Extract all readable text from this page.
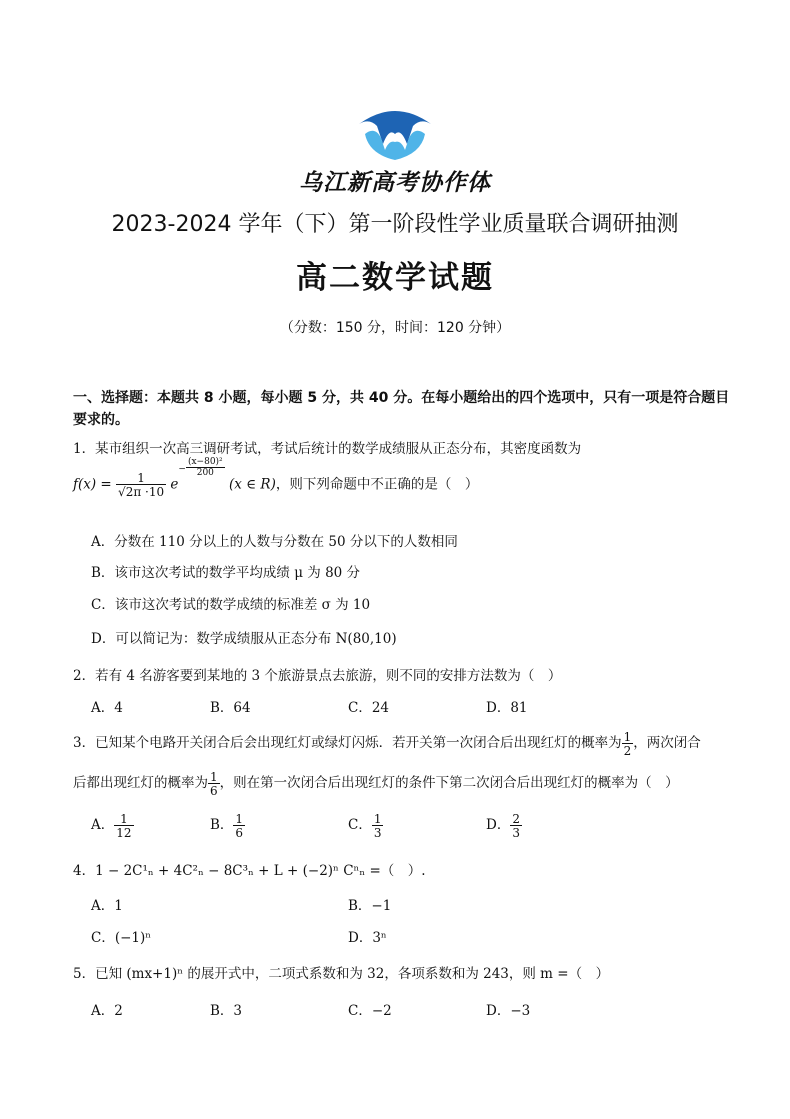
乌江新高考协作体
2023-2024 学年（下）第一阶段性学业质量联合调研抽测
高二数学试题
（分数：150 分，时间：120 分钟）
一、选择题：本题共 8 小题，每小题 5 分，共 40 分。在每小题给出的四个选项中，只有一项是符合题目要求的。
1．某市组织一次高三调研考试，考试后统计的数学成绩服从正态分布，其密度函数为
$f(x) = \frac{1}{√2\pi \cdot 10} e- \frac{\text{(x−80)²}}{200}$
(x ∈ R)，则下列命题中不正确的是（　）
A．分数在 110 分以上的人数与分数在 50 分以下的人数相同
B．该市这次考试的数学平均成绩 μ 为 80 分
C．该市这次考试的数学成绩的标准差 σ 为 10
D．可以简记为：数学成绩服从正态分布 N(80,10)
2．若有 4 名游客要到某地的 3 个旅游景点去旅游，则不同的安排方法数为（　）
A．4	B．64	C．24	D．81
3．已知某个电路开关闭合后会出现红灯或绿灯闪烁．若开关第一次闭合后出现红灯的概率为 $\frac{1}{2}$ ，两次闭合
后都出现红灯的概率为 $\frac{1}{6}$ ，则在第一次闭合后出现红灯的条件下第二次闭合后出现红灯的概率为（　）
A． $\frac{1}{12}$	B． $\frac{1}{6}$	C． $\frac{1}{3}$	D． $\frac{2}{3}$
4．1 − 2C¹ₙ + 4C²ₙ − 8C³ₙ + L + (−2)ⁿ Cⁿₙ =（　）.
A．1	B．−1
C．(−1)ⁿ	D．3ⁿ
5．已知 (mx+1)ⁿ 的展开式中，二项式系数和为 32，各项系数和为 243，则 m =（　）
A．2	B．3	C．−2	D．−3
